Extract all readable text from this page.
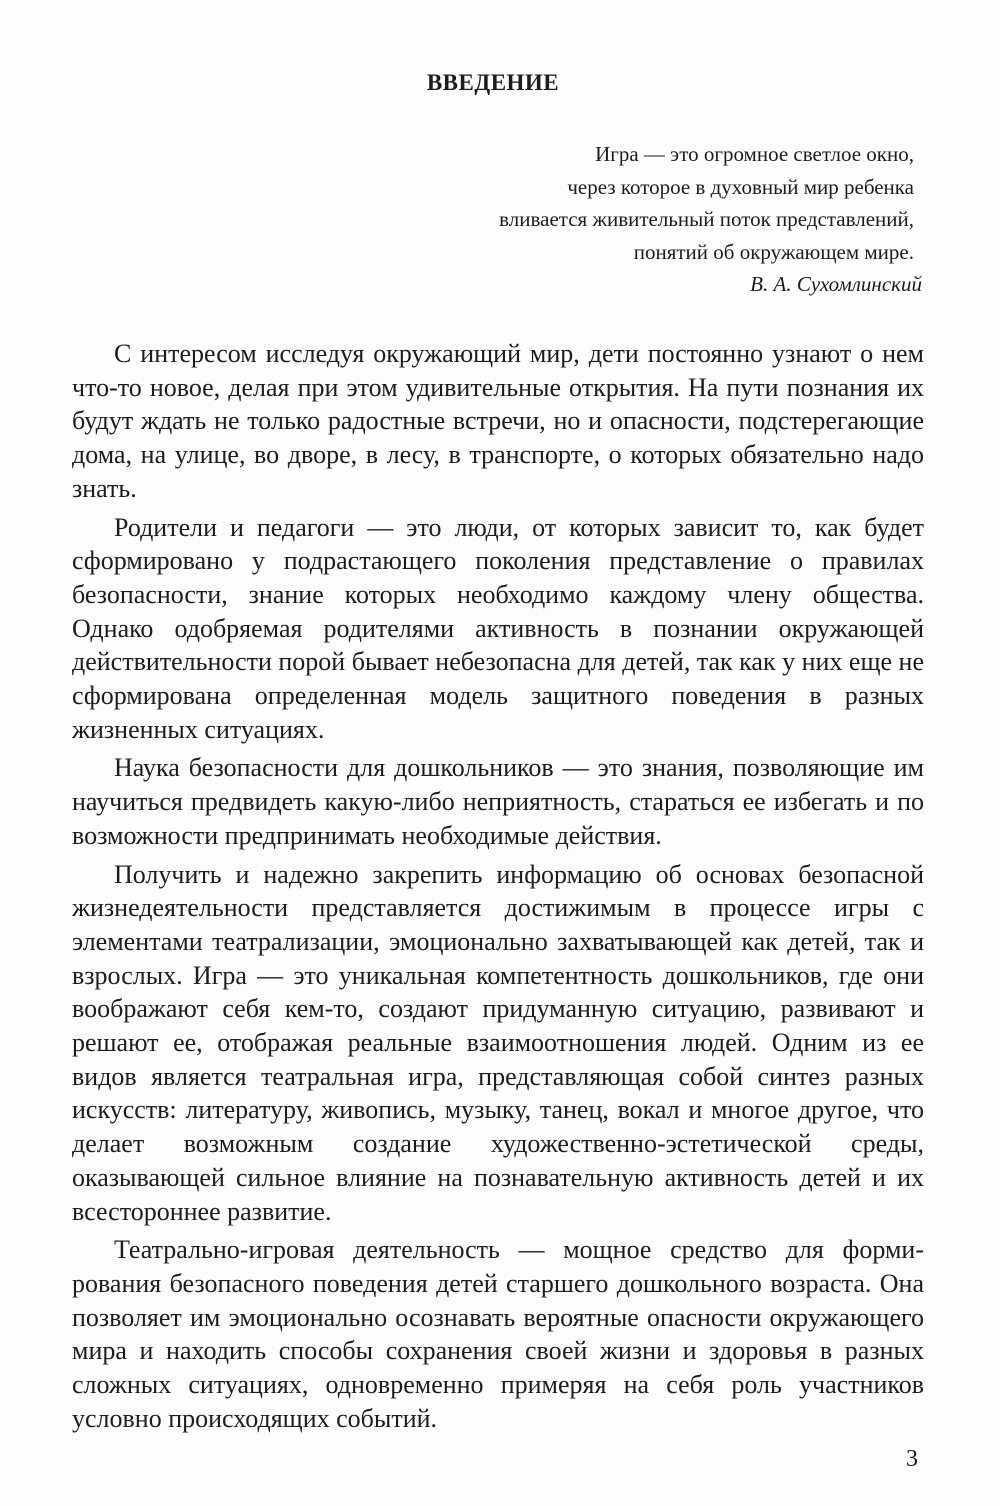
ВВЕДЕНИЕ
Игра — это огромное светлое окно,
через которое в духовный мир ребенка
вливается живительный поток представлений,
понятий об окружающем мире.
В. А. Сухомлинский

С интересом исследуя окружающий мир, дети постоянно узнают о нем что-то новое, делая при этом удивительные открытия. На пути познания их будут ждать не только радостные встречи, но и опасности, подстерегающие дома, на улице, во дворе, в лесу, в транспорте, о которых обязательно надо знать.

Родители и педагоги — это люди, от которых зависит то, как будет сформировано у подрастающего поколения представление о правилах безопасности, знание которых необходимо каждому члену общества. Однако одобряемая родителями активность в познании окружающей действительности порой бывает небезопасна для детей, так как у них еще не сформирована определенная модель защитного поведения в разных жизненных ситуациях.

Наука безопасности для дошкольников — это знания, позволяющие им научиться предвидеть какую-либо неприятность, стараться ее избегать и по возможности предпринимать необходимые действия.

Получить и надежно закрепить информацию об основах безопасной жизнедеятельности представляется достижимым в процессе игры с элементами театрализации, эмоционально захватывающей как детей, так и взрослых. Игра — это уникальная компетентность дошкольников, где они воображают себя кем-то, создают придуманную ситуацию, развивают и решают ее, отображая реальные взаимоотношения людей. Одним из ее видов является театральная игра, представляющая собой синтез разных искусств: литературу, живопись, музыку, танец, вокал и многое другое, что делает возможным создание художественно-эстетической среды, оказывающей сильное влияние на познавательную активность детей и их всестороннее развитие.

Театрально-игровая деятельность — мощное средство для формирования безопасного поведения детей старшего дошкольного возраста. Она позволяет им эмоционально осознавать вероятные опасности окружающего мира и находить способы сохранения своей жизни и здоровья в разных сложных ситуациях, одновременно примеряя на себя роль участников условно происходящих событий.

3
